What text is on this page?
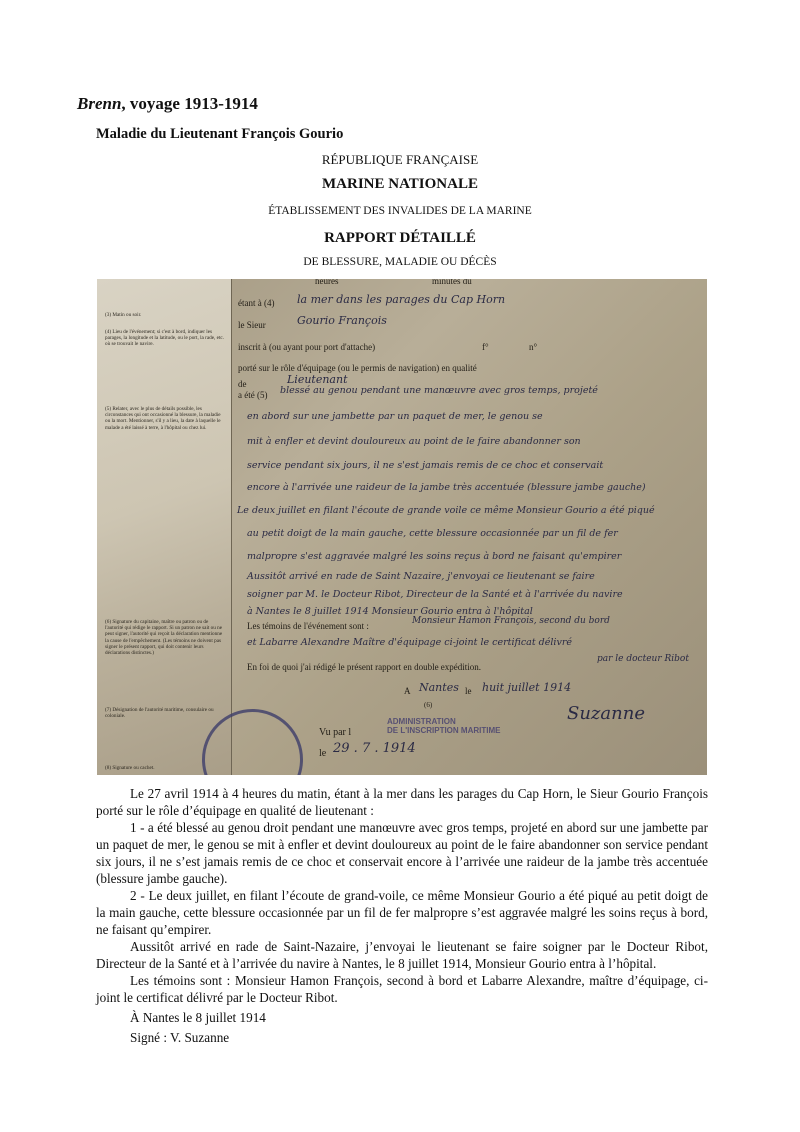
Brenn, voyage 1913-1914
Maladie du Lieutenant François Gourio
RÉPUBLIQUE FRANÇAISE
MARINE NATIONALE
ÉTABLISSEMENT DES INVALIDES DE LA MARINE
RAPPORT DÉTAILLÉ
DE BLESSURE, MALADIE OU DÉCÈS
(3) Matin ou soir.
(4) Lieu de l'événement; si c'est à bord, indiquer les parages, la longitude et la latitude, ou le port, la rade, etc. où se trouvait le navire.
(5) Relater, avec le plus de détails possible, les circonstances qui ont occasionné la blessure, la maladie ou la mort. Mentionner, s'il y a lieu, la date à laquelle le malade a été laissé à terre, à l'hôpital ou chez lui.
(6) Signature du capitaine, maître ou patron ou de l'autorité qui rédige le rapport. Si un patron ne sait ou ne peut signer, l'autorité qui reçoit la déclaration mentionne la cause de l'empêchement. (Les témoins ne doivent pas signer le présent rapport, qui doit contenir leurs déclarations distinctes.)
(7) Désignation de l'autorité maritime, consulaire ou coloniale.
(8) Signature ou cachet.
heures	minutes du
étant à (4) la mer dans les parages du Cap Horn
le Sieur	Gourio François
inscrit à (ou ayant pour port d'attache)	f°	n°
porté sur le rôle d'équipage (ou le permis de navigation) en qualité
de	Lieutenant
a été (5) blessé au genou pendant une manœuvre avec gros temps, projeté
en abord sur une jambette par un paquet de mer, le genou se
mit à enfler et devint douloureux au point de le faire abandonner son
service pendant six jours, il ne s'est jamais remis de ce choc et conservait
encore à l'arrivée une raideur de la jambe très accentuée (blessure jambe gauche)
Le deux juillet en filant l'écoute de grande voile ce même Monsieur Gourio a été piqué
au petit doigt de la main gauche, cette blessure occasionnée par un fil de fer
malpropre s'est aggravée malgré les soins reçus à bord ne faisant qu'empirer
Aussitôt arrivé en rade de Saint Nazaire, j'envoyai ce lieutenant se faire
soigner par M. le Docteur Ribot, Directeur de la Santé et à l'arrivée du navire
à Nantes le 8 juillet 1914 Monsieur Gourio entra à l'hôpital
Les témoins de l'événement sont :	Monsieur Hamon François, second du bord
et Labarre Alexandre Maître d'équipage ci-joint le certificat délivré
par le docteur Ribot
En foi de quoi j'ai rédigé le présent rapport en double expédition.
A Nantes le huit juillet 1914
(6)	Suzanne
Vu par l
ADMINISTRATION
DE L'INSCRIPTION MARITIME
le 29 . 7 . 1914

Le 27 avril 1914 à 4 heures du matin, étant à la mer dans les parages du Cap Horn, le Sieur Gourio François porté sur le rôle d’équipage en qualité de lieutenant :

1 - a été blessé au genou droit pendant une manœuvre avec gros temps, projeté en abord sur une jambette par un paquet de mer, le genou se mit à enfler et devint douloureux au point de le faire abandonner son service pendant six jours, il ne s’est jamais remis de ce choc et conservait encore à l’arrivée une raideur de la jambe très accentuée (blessure jambe gauche).

2 - Le deux juillet, en filant l’écoute de grand-voile, ce même Monsieur Gourio a été piqué au petit doigt de la main gauche, cette blessure occasionnée par un fil de fer malpropre s’est aggravée malgré les soins reçus à bord, ne faisant qu’empirer.

Aussitôt arrivé en rade de Saint-Nazaire, j’envoyai le lieutenant se faire soigner par le Docteur Ribot, Directeur de la Santé et à l’arrivée du navire à Nantes, le 8 juillet 1914, Monsieur Gourio entra à l’hôpital.

Les témoins sont : Monsieur Hamon François, second à bord et Labarre Alexandre, maître d’équipage, ci-joint le certificat délivré par le Docteur Ribot.

À Nantes le 8 juillet 1914

Signé : V. Suzanne
